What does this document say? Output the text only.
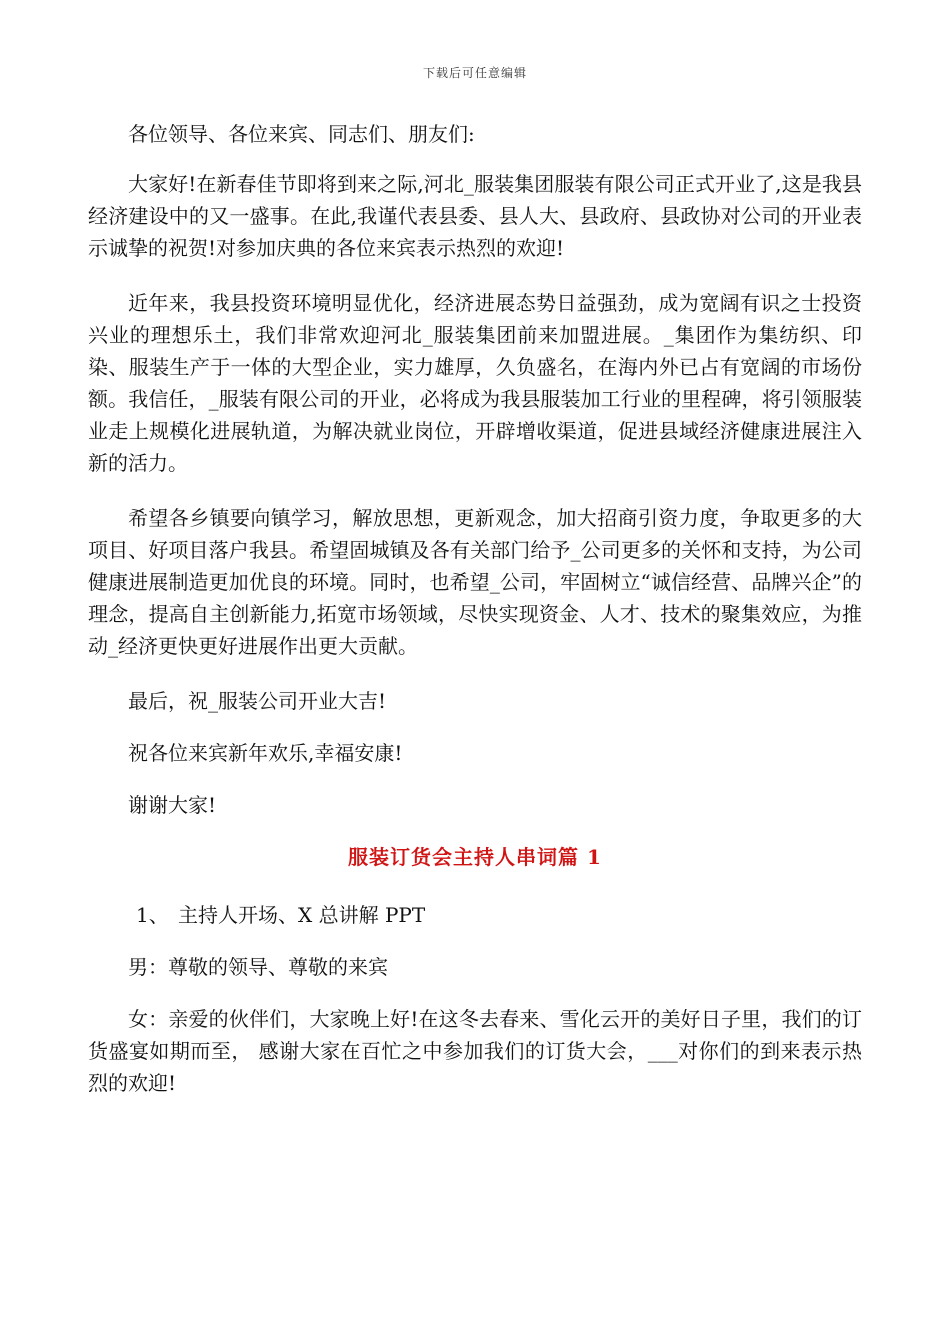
下载后可任意编辑

各位领导、各位来宾、同志们、朋友们:

大家好!在新春佳节即将到来之际,河北_服装集团服装有限公司正式开业了,这是我县经济建设中的又一盛事。在此,我谨代表县委、县人大、县政府、县政协对公司的开业表示诚挚的祝贺!对参加庆典的各位来宾表示热烈的欢迎!

近年来，我县投资环境明显优化，经济进展态势日益强劲，成为宽阔有识之士投资兴业的理想乐土，我们非常欢迎河北_服装集团前来加盟进展。_集团作为集纺织、印染、服装生产于一体的大型企业，实力雄厚，久负盛名，在海内外已占有宽阔的市场份额。我信任，_服装有限公司的开业，必将成为我县服装加工行业的里程碑，将引领服装业走上规模化进展轨道，为解决就业岗位，开辟增收渠道，促进县域经济健康进展注入新的活力。

希望各乡镇要向镇学习，解放思想，更新观念，加大招商引资力度，争取更多的大项目、好项目落户我县。希望固城镇及各有关部门给予_公司更多的关怀和支持，为公司健康进展制造更加优良的环境。同时，也希望_公司，牢固树立“诚信经营、品牌兴企”的理念，提高自主创新能力,拓宽市场领域，尽快实现资金、人才、技术的聚集效应，为推动_经济更快更好进展作出更大贡献。

最后，祝_服装公司开业大吉!

祝各位来宾新年欢乐,幸福安康!

谢谢大家!

服装订货会主持人串词篇 1

1、 主持人开场、X 总讲解 PPT

男：尊敬的领导、尊敬的来宾

女：亲爱的伙伴们，大家晚上好!在这冬去春来、雪化云开的美好日子里，我们的订货盛宴如期而至， 感谢大家在百忙之中参加我们的订货大会，___对你们的到来表示热烈的欢迎!
